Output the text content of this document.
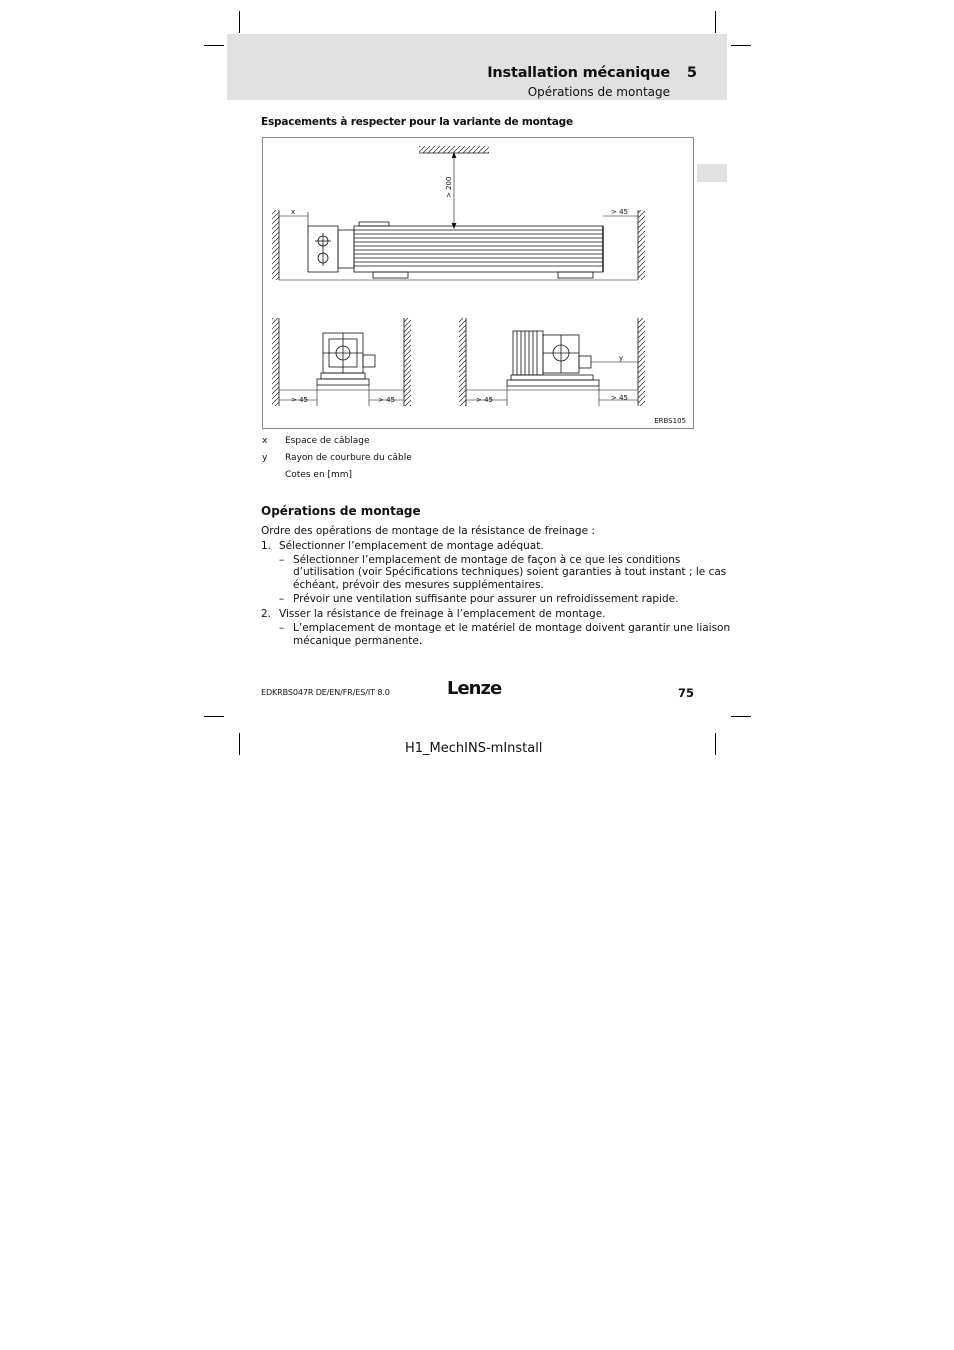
Installation mécanique 5
Opérations de montage
Espacements à respecter pour la variante de montage
> 200
x	> 45
> 45	> 45	> 45	> 45
y
ERBS105
x Espace de câblage
y Rayon de courbure du câble
Cotes en [mm]
Opérations de montage
Ordre des opérations de montage de la résistance de freinage :
1. Sélectionner l’emplacement de montage adéquat.
– Sélectionner l’emplacement de montage de façon à ce que les conditions
d’utilisation (voir Spécifications techniques) soient garanties à tout instant ; le cas
échéant, prévoir des mesures supplémentaires.
– Prévoir une ventilation suffisante pour assurer un refroidissement rapide.
2. Visser la résistance de freinage à l’emplacement de montage.
– L’emplacement de montage et le matériel de montage doivent garantir une liaison
mécanique permanente.
EDKRBS047R DE/EN/FR/ES/IT 8.0	Lenze	75
H1_MechINS-mInstall
